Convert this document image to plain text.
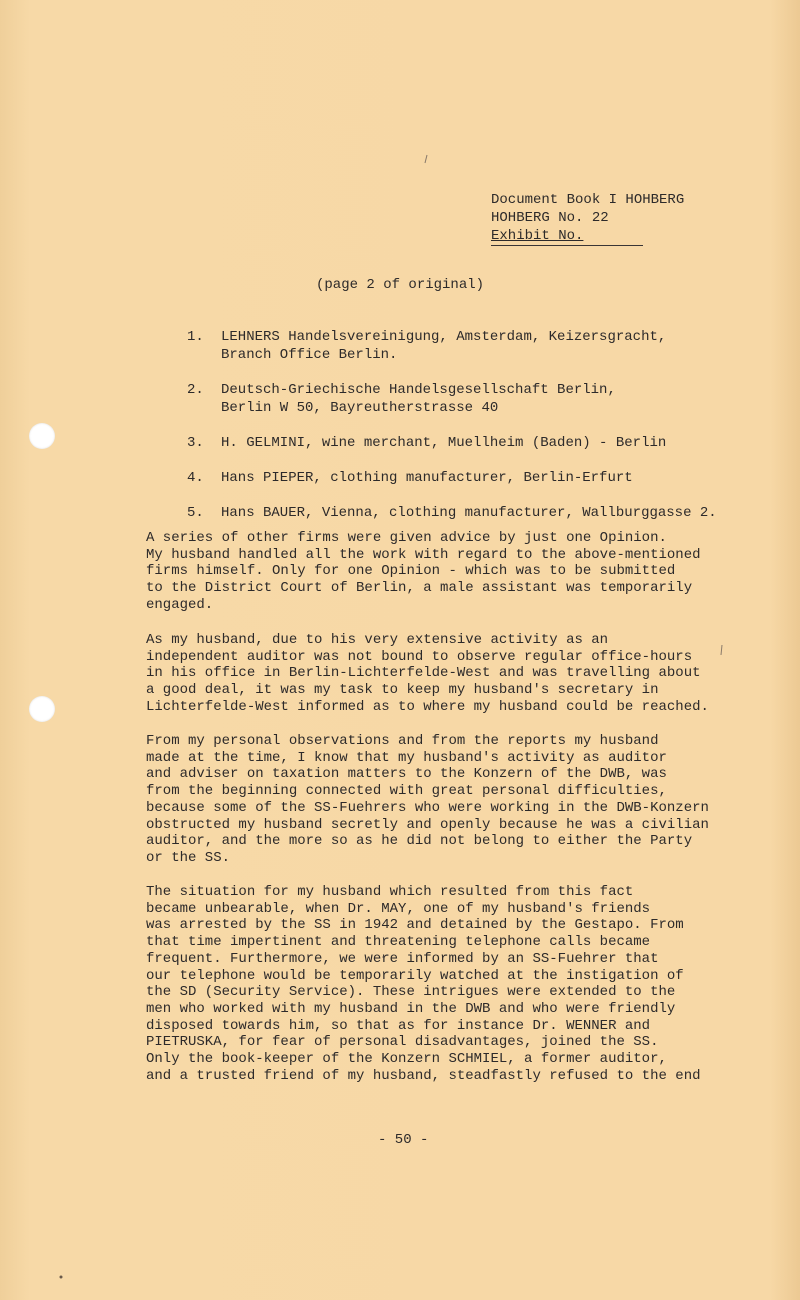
Document Book I HOHBERG
HOHBERG No. 22
Exhibit No.
(page 2 of original)
1.	LEHNERS Handelsvereinigung, Amsterdam, Keizersgracht,
Branch Office Berlin.
2.	Deutsch-Griechische Handelsgesellschaft Berlin,
Berlin W 50, Bayreutherstrasse 40
3.	H. GELMINI, wine merchant, Muellheim (Baden) - Berlin
4.	Hans PIEPER, clothing manufacturer, Berlin-Erfurt
5.	Hans BAUER, Vienna, clothing manufacturer, Wallburggasse 2.
A series of other firms were given advice by just one Opinion.
My husband handled all the work with regard to the above-mentioned
firms himself. Only for one Opinion - which was to be submitted
to the District Court of Berlin, a male assistant was temporarily
engaged.
As my husband, due to his very extensive activity as an
independent auditor was not bound to observe regular office-hours
in his office in Berlin-Lichterfelde-West and was travelling about
a good deal, it was my task to keep my husband's secretary in
Lichterfelde-West informed as to where my husband could be reached.
From my personal observations and from the reports my husband
made at the time, I know that my husband's activity as auditor
and adviser on taxation matters to the Konzern of the DWB, was
from the beginning connected with great personal difficulties,
because some of the SS-Fuehrers who were working in the DWB-Konzern
obstructed my husband secretly and openly because he was a civilian
auditor, and the more so as he did not belong to either the Party
or the SS.
The situation for my husband which resulted from this fact
became unbearable, when Dr. MAY, one of my husband's friends
was arrested by the SS in 1942 and detained by the Gestapo. From
that time impertinent and threatening telephone calls became
frequent. Furthermore, we were informed by an SS-Fuehrer that
our telephone would be temporarily watched at the instigation of
the SD (Security Service). These intrigues were extended to the
men who worked with my husband in the DWB and who were friendly
disposed towards him, so that as for instance Dr. WENNER and
PIETRUSKA, for fear of personal disadvantages, joined the SS.
Only the book-keeper of the Konzern SCHMIEL, a former auditor,
and a trusted friend of my husband, steadfastly refused to the end
- 50 -
